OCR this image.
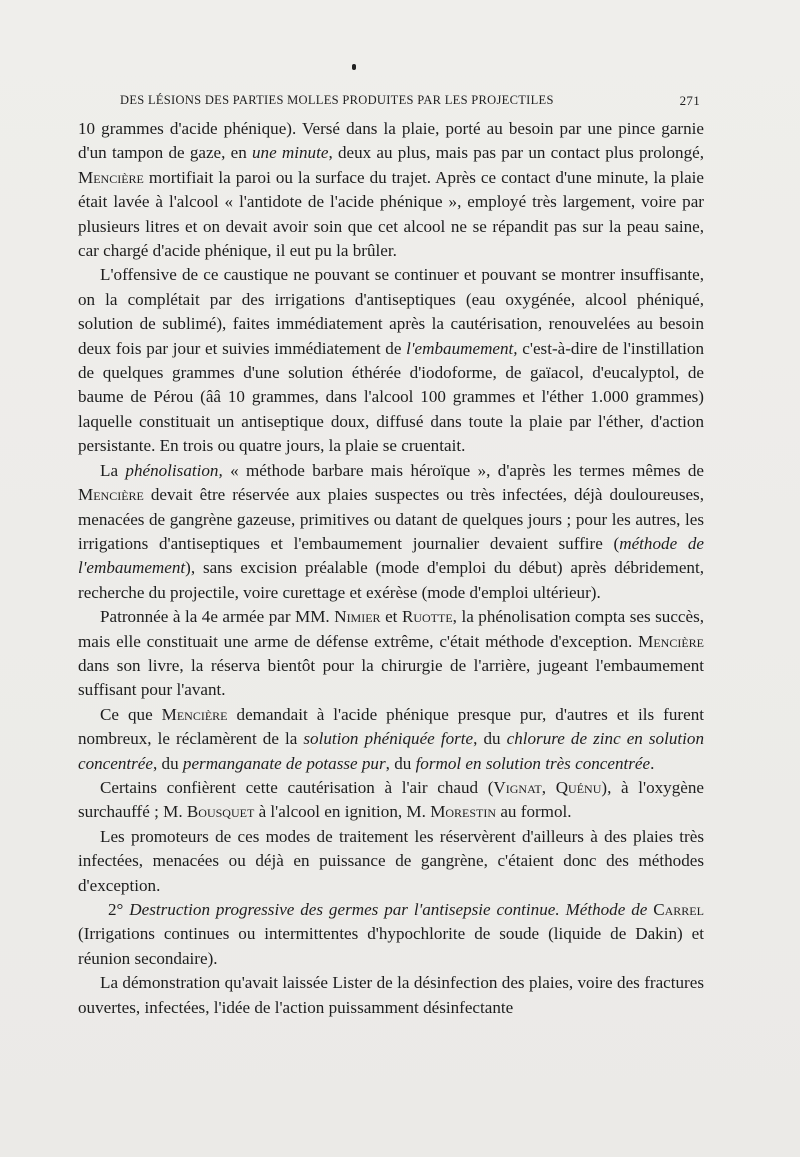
DES LÉSIONS DES PARTIES MOLLES PRODUITES PAR LES PROJECTILES	271

10 grammes d'acide phénique). Versé dans la plaie, porté au besoin par une pince garnie d'un tampon de gaze, en une minute, deux au plus, mais pas par un contact plus prolongé, Mencière mortifiait la paroi ou la surface du trajet. Après ce contact d'une minute, la plaie était lavée à l'alcool « l'antidote de l'acide phénique », employé très largement, voire par plusieurs litres et on devait avoir soin que cet alcool ne se répandit pas sur la peau saine, car chargé d'acide phénique, il eut pu la brûler.

L'offensive de ce caustique ne pouvant se continuer et pouvant se montrer insuffisante, on la complétait par des irrigations d'antiseptiques (eau oxygénée, alcool phéniqué, solution de sublimé), faites immédiatement après la cautérisation, renouvelées au besoin deux fois par jour et suivies immédiatement de l'embaumement, c'est-à-dire de l'instillation de quelques grammes d'une solution éthérée d'iodoforme, de gaïacol, d'eucalyptol, de baume de Pérou (ââ 10 grammes, dans l'alcool 100 grammes et l'éther 1.000 grammes) laquelle constituait un antiseptique doux, diffusé dans toute la plaie par l'éther, d'action persistante. En trois ou quatre jours, la plaie se cruentait.

La phénolisation, « méthode barbare mais héroïque », d'après les termes mêmes de Mencière devait être réservée aux plaies suspectes ou très infectées, déjà douloureuses, menacées de gangrène gazeuse, primitives ou datant de quelques jours ; pour les autres, les irrigations d'antiseptiques et l'embaumement journalier devaient suffire (méthode de l'embaumement), sans excision préalable (mode d'emploi du début) après débridement, recherche du projectile, voire curettage et exérèse (mode d'emploi ultérieur).

Patronnée à la 4e armée par MM. Nimier et Ruotte, la phénolisation compta ses succès, mais elle constituait une arme de défense extrême, c'était méthode d'exception. Mencière dans son livre, la réserva bientôt pour la chirurgie de l'arrière, jugeant l'embaumement suffisant pour l'avant.

Ce que Mencière demandait à l'acide phénique presque pur, d'autres et ils furent nombreux, le réclamèrent de la solution phéniquée forte, du chlorure de zinc en solution concentrée, du permanganate de potasse pur, du formol en solution très concentrée.

Certains confièrent cette cautérisation à l'air chaud (Vignat, Quénu), à l'oxygène surchauffé ; M. Bousquet à l'alcool en ignition, M. Morestin au formol.

Les promoteurs de ces modes de traitement les réservèrent d'ailleurs à des plaies très infectées, menacées ou déjà en puissance de gangrène, c'étaient donc des méthodes d'exception.

2° Destruction progressive des germes par l'antisepsie continue. Méthode de Carrel (Irrigations continues ou intermittentes d'hypochlorite de soude (liquide de Dakin) et réunion secondaire).

La démonstration qu'avait laissée Lister de la désinfection des plaies, voire des fractures ouvertes, infectées, l'idée de l'action puissamment désinfectante
